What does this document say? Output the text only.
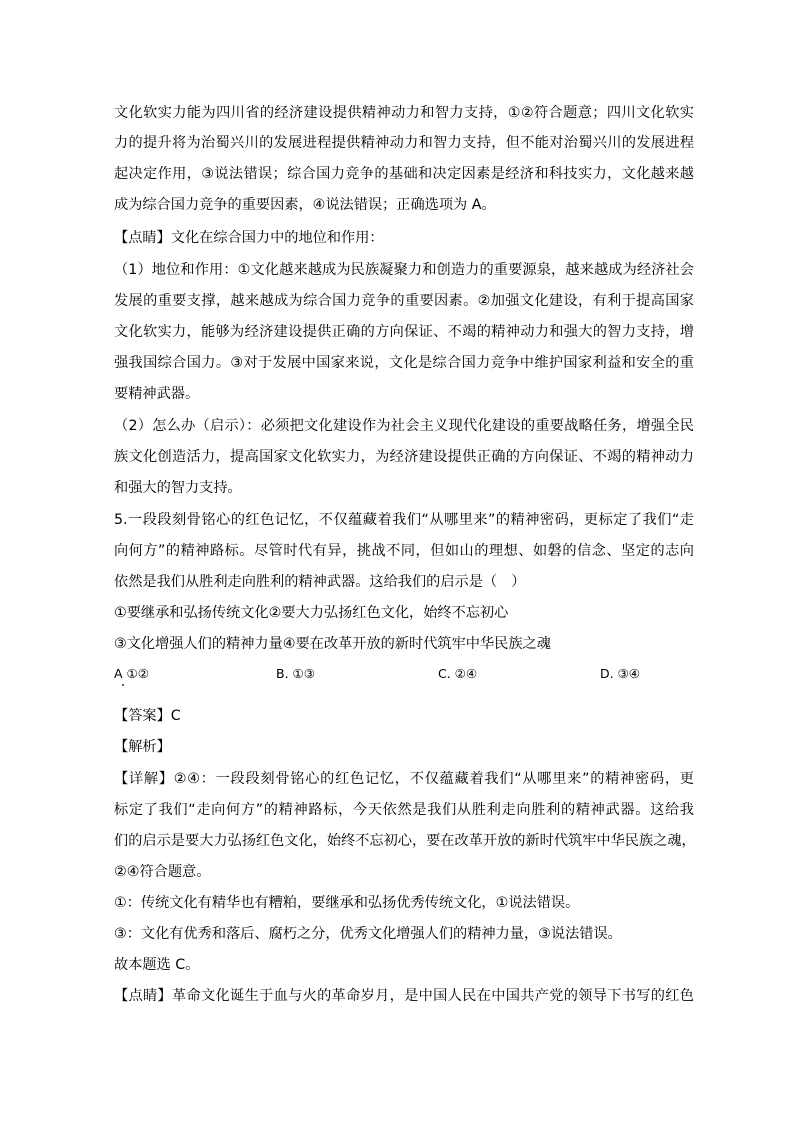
文化软实力能为四川省的经济建设提供精神动力和智力支持，①②符合题意；四川文化软实
力的提升将为治蜀兴川的发展进程提供精神动力和智力支持，但不能对治蜀兴川的发展进程
起决定作用，③说法错误；综合国力竞争的基础和决定因素是经济和科技实力，文化越来越
成为综合国力竞争的重要因素，④说法错误；正确选项为 A。
【点睛】文化在综合国力中的地位和作用：
（1）地位和作用：①文化越来越成为民族凝聚力和创造力的重要源泉，越来越成为经济社会
发展的重要支撑，越来越成为综合国力竞争的重要因素。②加强文化建设，有利于提高国家
文化软实力，能够为经济建设提供正确的方向保证、不竭的精神动力和强大的智力支持，增
强我国综合国力。③对于发展中国家来说，文化是综合国力竞争中维护国家利益和安全的重
要精神武器。
（2）怎么办（启示）：必须把文化建设作为社会主义现代化建设的重要战略任务，增强全民
族文化创造活力，提高国家文化软实力，为经济建设提供正确的方向保证、不竭的精神动力
和强大的智力支持。
5.一段段刻骨铭心的红色记忆，不仅蕴藏着我们“从哪里来”的精神密码，更标定了我们“走
向何方”的精神路标。尽管时代有异，挑战不同，但如山的理想、如磐的信念、坚定的志向
依然是我们从胜利走向胜利的精神武器。这给我们的启示是（　）
①要继承和弘扬传统文化②要大力弘扬红色文化，始终不忘初心
③文化增强人们的精神力量④要在改革开放的新时代筑牢中华民族之魂
A ①②	B. ①③	C. ②④	D. ③④
【答案】C
【解析】
【详解】②④：一段段刻骨铭心的红色记忆，不仅蕴藏着我们“从哪里来”的精神密码，更
标定了我们“走向何方”的精神路标，今天依然是我们从胜利走向胜利的精神武器。这给我
们的启示是要大力弘扬红色文化，始终不忘初心，要在改革开放的新时代筑牢中华民族之魂，
②④符合题意。
①：传统文化有精华也有糟粕，要继承和弘扬优秀传统文化，①说法错误。
③：文化有优秀和落后、腐朽之分，优秀文化增强人们的精神力量，③说法错误。
故本题选 C。
【点睛】革命文化诞生于血与火的革命岁月，是中国人民在中国共产党的领导下书写的红色
